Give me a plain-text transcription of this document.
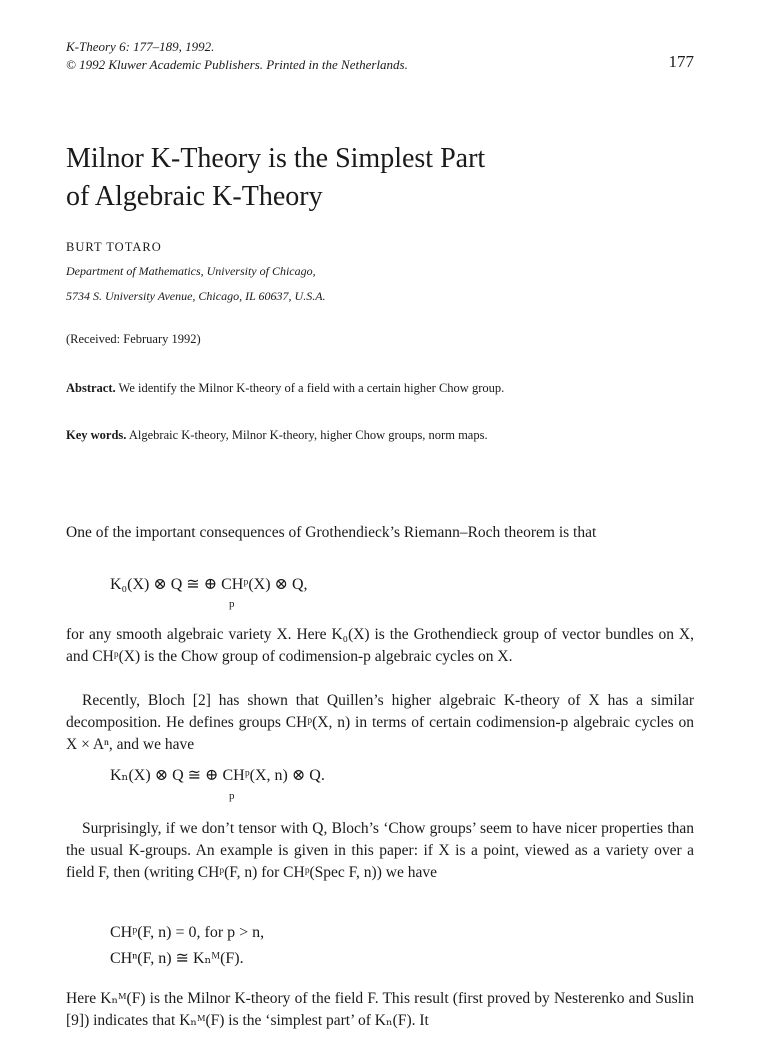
K-Theory 6: 177–189, 1992.
© 1992 Kluwer Academic Publishers. Printed in the Netherlands.	177
Milnor K-Theory is the Simplest Part
of Algebraic K-Theory
BURT TOTARO
Department of Mathematics, University of Chicago,
5734 S. University Avenue, Chicago, IL 60637, U.S.A.
(Received: February 1992)
Abstract. We identify the Milnor K-theory of a field with a certain higher Chow group.
Key words. Algebraic K-theory, Milnor K-theory, higher Chow groups, norm maps.
One of the important consequences of Grothendieck’s Riemann–Roch theorem is that
K₀(X) ⊗ Q ≅ ⊕ CHᵖ(X) ⊗ Q,
p
for any smooth algebraic variety X. Here K₀(X) is the Grothendieck group of vector bundles on X, and CHᵖ(X) is the Chow group of codimension-p algebraic cycles on X.
Recently, Bloch [2] has shown that Quillen’s higher algebraic K-theory of X has a similar decomposition. He defines groups CHᵖ(X, n) in terms of certain codimension-p algebraic cycles on X × Aⁿ, and we have
Kₙ(X) ⊗ Q ≅ ⊕ CHᵖ(X, n) ⊗ Q.
p
Surprisingly, if we don’t tensor with Q, Bloch’s ‘Chow groups’ seem to have nicer properties than the usual K-groups. An example is given in this paper: if X is a point, viewed as a variety over a field F, then (writing CHᵖ(F, n) for CHᵖ(Spec F, n)) we have
CHᵖ(F, n) = 0, for p > n,
CHⁿ(F, n) ≅ Kₙᴹ(F).
Here Kₙᴹ(F) is the Milnor K-theory of the field F. This result (first proved by Nesterenko and Suslin [9]) indicates that Kₙᴹ(F) is the ‘simplest part’ of Kₙ(F). It
